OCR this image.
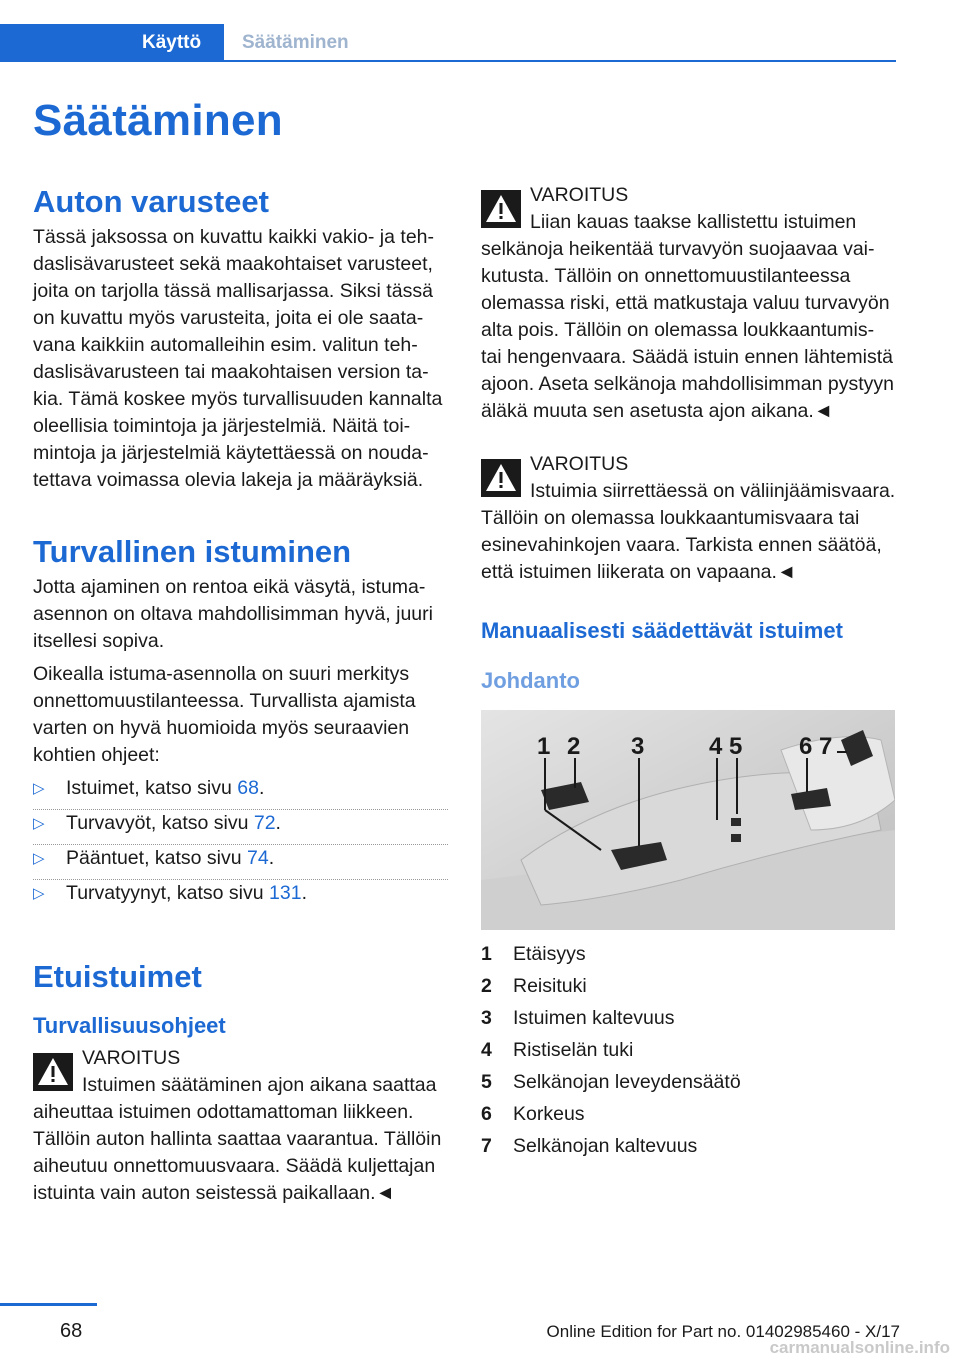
Käyttö	Säätäminen
Säätäminen
Auton varusteet

Tässä jaksossa on kuvattu kaikki vakio- ja tehdaslisävarusteet sekä maakohtaiset varusteet, joita on tarjolla tässä mallisarjassa. Siksi tässä on kuvattu myös varusteita, joita ei ole saatavana kaikkiin automalleihin esim. valitun tehdaslisävarusteen tai maakohtaisen version takia. Tämä koskee myös turvallisuuden kannalta oleellisia toimintoja ja järjestelmiä. Näitä toimintoja ja järjestelmiä käytettäessä on noudatettava voimassa olevia lakeja ja määräyksiä.

Turvallinen istuminen

Jotta ajaminen on rentoa eikä väsytä, istuma-asennon on oltava mahdollisimman hyvä, juuri itsellesi sopiva.

Oikealla istuma-asennolla on suuri merkitys onnettomuustilanteessa. Turvallista ajamista varten on hyvä huomioida myös seuraavien kohtien ohjeet:

▷ Istuimet, katso sivu 68.
▷ Turvavyöt, katso sivu 72.
▷ Pääntuet, katso sivu 74.
▷ Turvatyynyt, katso sivu 131.
Etuistuimet
Turvallisuusohjeet
VAROITUS
Istuimen säätäminen ajon aikana saattaa aiheuttaa istuimen odottamattoman liikkeen. Tällöin auton hallinta saattaa vaarantua. Tällöin aiheutuu onnettomuusvaara. Säädä kuljettajan istuinta vain auton seistessä paikallaan.◄
VAROITUS
Liian kauas taakse kallistettu istuimen selkänoja heikentää turvavyön suojaavaa vaikutusta. Tällöin on onnettomuustilanteessa olemassa riski, että matkustaja valuu turvavyön alta pois. Tällöin on olemassa loukkaantumis- tai hengenvaara. Säädä istuin ennen lähtemistä ajoon. Aseta selkänoja mahdollisimman pystyyn äläkä muuta sen asetusta ajon aikana.◄
VAROITUS
Istuimia siirrettäessä on väliinjäämisvaara. Tällöin on olemassa loukkaantumisvaara tai esinevahinkojen vaara. Tarkista ennen säätöä, että istuimen liikerata on vapaana.◄
Manuaalisesti säädettävät istuimet
Johdanto
1 2 3	4 5 6 7
1	Etäisyys
2	Reisituki
3	Istuimen kaltevuus
4	Ristiselän tuki
5	Selkänojan leveydensäätö
6	Korkeus
7	Selkänojan kaltevuus
68	Online Edition for Part no. 01402985460 - X/17
carmanualsonline.info
